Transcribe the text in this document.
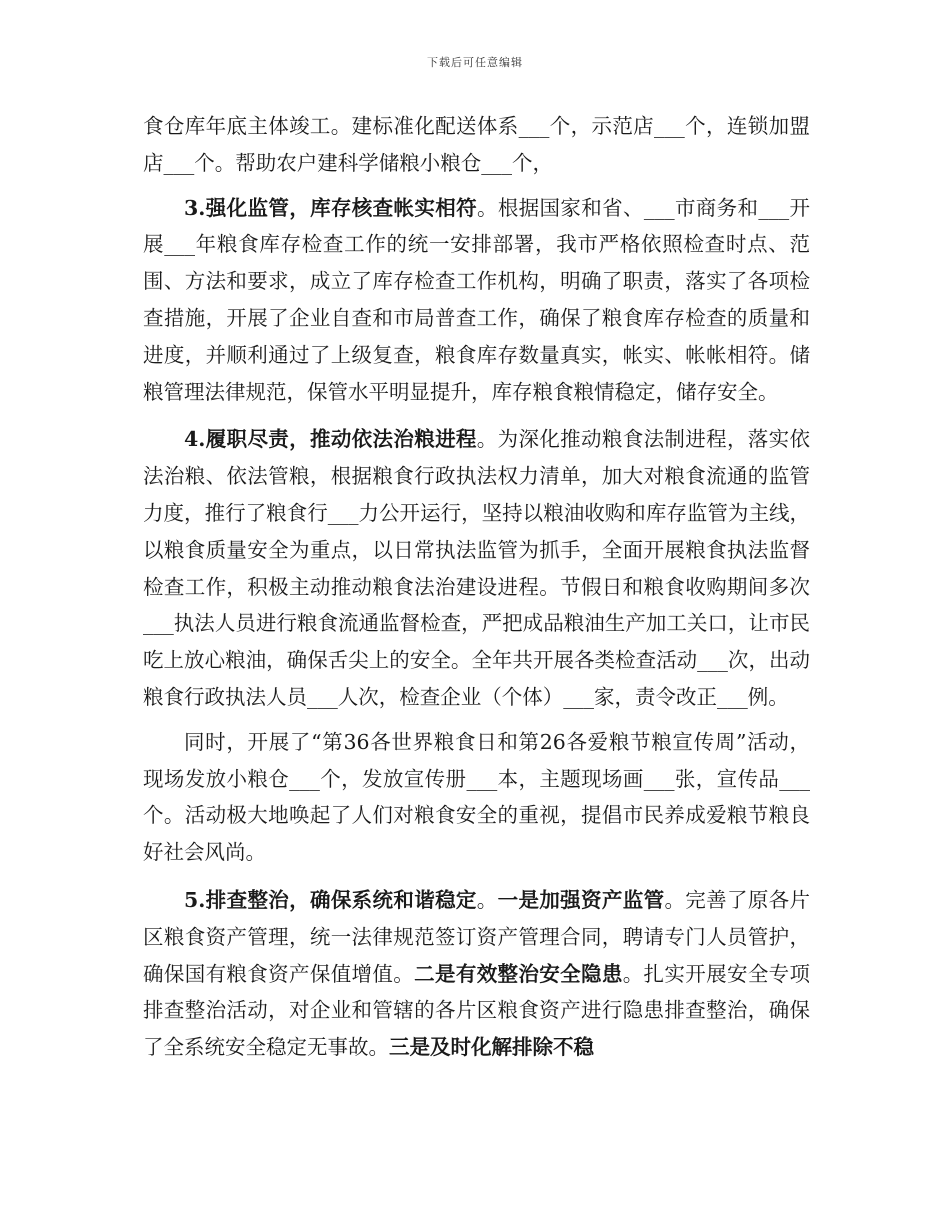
下载后可任意编辑

食仓库年底主体竣工。建标准化配送体系___个，示范店___个，连锁加盟店___个。帮助农户建科学储粮小粮仓___个，

3.强化监管，库存核查帐实相符。根据国家和省、___市商务和___开展___年粮食库存检查工作的统一安排部署，我市严格依照检查时点、范围、方法和要求，成立了库存检查工作机构，明确了职责，落实了各项检查措施，开展了企业自查和市局普查工作，确保了粮食库存检查的质量和进度，并顺利通过了上级复查，粮食库存数量真实，帐实、帐帐相符。储粮管理法律规范，保管水平明显提升，库存粮食粮情稳定，储存安全。

4.履职尽责，推动依法治粮进程。为深化推动粮食法制进程，落实依法治粮、依法管粮，根据粮食行政执法权力清单，加大对粮食流通的监管力度，推行了粮食行___力公开运行，坚持以粮油收购和库存监管为主线，以粮食质量安全为重点，以日常执法监管为抓手，全面开展粮食执法监督检查工作，积极主动推动粮食法治建设进程。节假日和粮食收购期间多次___执法人员进行粮食流通监督检查，严把成品粮油生产加工关口，让市民吃上放心粮油，确保舌尖上的安全。全年共开展各类检查活动___次，出动粮食行政执法人员___人次，检查企业（个体）___家，责令改正___例。

同时，开展了“第36各世界粮食日和第26各爱粮节粮宣传周”活动，现场发放小粮仓___个，发放宣传册___本，主题现场画___张，宣传品___个。活动极大地唤起了人们对粮食安全的重视，提倡市民养成爱粮节粮良好社会风尚。

5.排查整治，确保系统和谐稳定。一是加强资产监管。完善了原各片区粮食资产管理，统一法律规范签订资产管理合同，聘请专门人员管护，确保国有粮食资产保值增值。二是有效整治安全隐患。扎实开展安全专项排查整治活动，对企业和管辖的各片区粮食资产进行隐患排查整治，确保了全系统安全稳定无事故。三是及时化解排除不稳
